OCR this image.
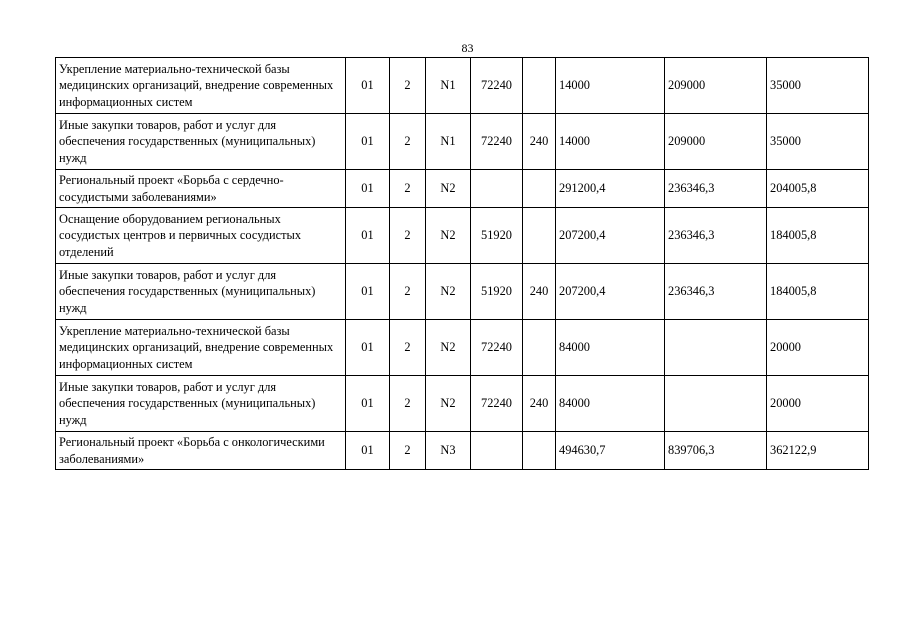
83
Укрепление материально-технической базы медицинских организаций, внедрение современных информационных систем	01	2	N1	72240		14000	209000	35000
Иные закупки товаров, работ и услуг для обеспечения государственных (муниципальных) нужд	01	2	N1	72240	240	14000	209000	35000
Региональный проект «Борьба с сердечно-сосудистыми заболеваниями»	01	2	N2			291200,4	236346,3	204005,8
Оснащение оборудованием региональных сосудистых центров и первичных сосудистых отделений	01	2	N2	51920		207200,4	236346,3	184005,8
Иные закупки товаров, работ и услуг для обеспечения государственных (муниципальных) нужд	01	2	N2	51920	240	207200,4	236346,3	184005,8
Укрепление материально-технической базы медицинских организаций, внедрение современных информационных систем	01	2	N2	72240		84000		20000
Иные закупки товаров, работ и услуг для обеспечения государственных (муниципальных) нужд	01	2	N2	72240	240	84000		20000
Региональный проект «Борьба с онкологическими заболеваниями»	01	2	N3			494630,7	839706,3	362122,9
